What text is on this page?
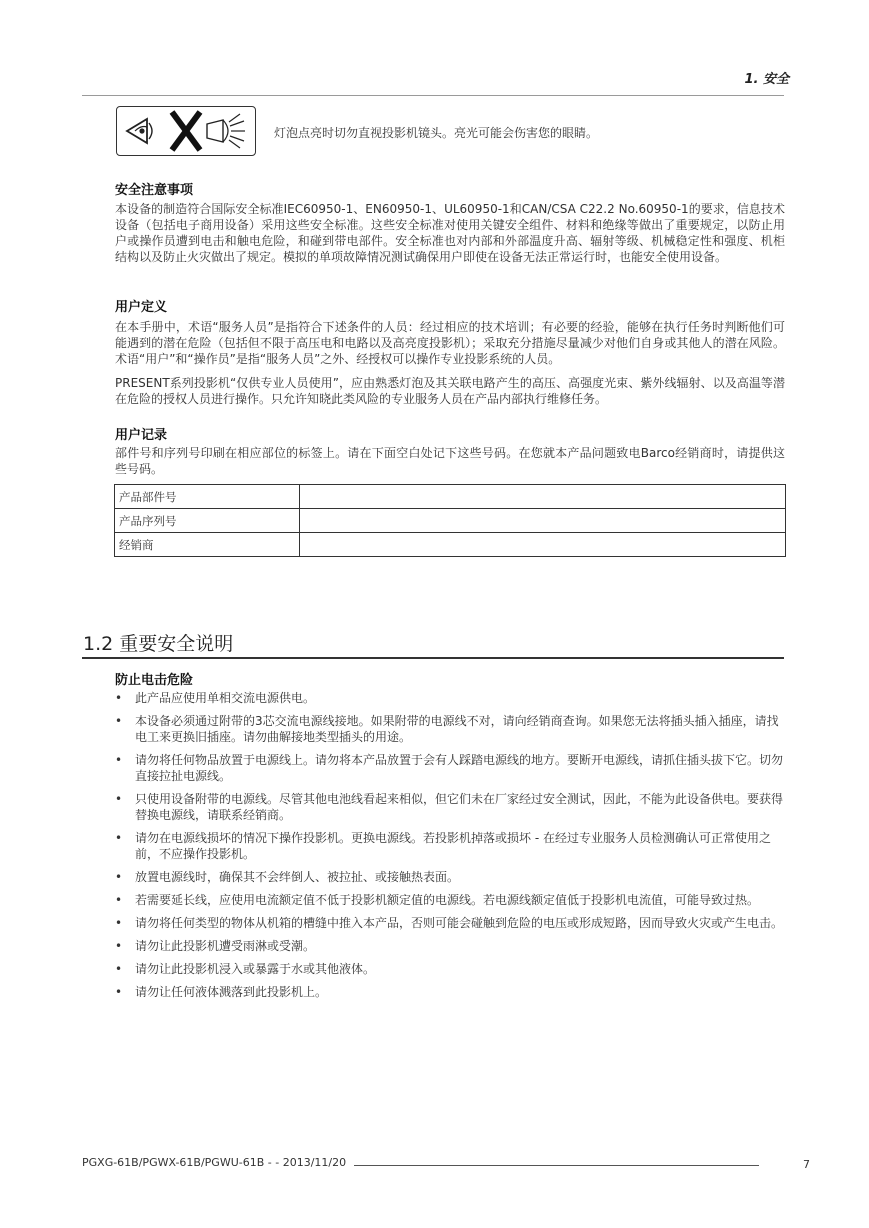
1. 安全
灯泡点亮时切勿直视投影机镜头。亮光可能会伤害您的眼睛。
安全注意事项
本设备的制造符合国际安全标准IEC60950-1、EN60950-1、UL60950-1和CAN/CSA C22.2 No.60950-1的要求，信息技术设备（包括电子商用设备）采用这些安全标准。这些安全标准对使用关键安全组件、材料和绝缘等做出了重要规定，以防止用户或操作员遭到电击和触电危险，和碰到带电部件。安全标准也对内部和外部温度升高、辐射等级、机械稳定性和强度、机柜结构以及防止火灾做出了规定。模拟的单项故障情况测试确保用户即使在设备无法正常运行时，也能安全使用设备。
用户定义
在本手册中，术语“服务人员”是指符合下述条件的人员：经过相应的技术培训；有必要的经验，能够在执行任务时判断他们可能遇到的潜在危险（包括但不限于高压电和电路以及高亮度投影机）；采取充分措施尽量减少对他们自身或其他人的潜在风险。术语“用户”和“操作员”是指“服务人员”之外、经授权可以操作专业投影系统的人员。
PRESENT系列投影机“仅供专业人员使用”，应由熟悉灯泡及其关联电路产生的高压、高强度光束、紫外线辐射、以及高温等潜在危险的授权人员进行操作。只允许知晓此类风险的专业服务人员在产品内部执行维修任务。
用户记录
部件号和序列号印刷在相应部位的标签上。请在下面空白处记下这些号码。在您就本产品问题致电Barco经销商时，请提供这些号码。
产品部件号	
产品序列号	
经销商	
1.2 重要安全说明
防止电击危险
• 此产品应使用单相交流电源供电。
• 本设备必须通过附带的3芯交流电源线接地。如果附带的电源线不对，请向经销商查询。如果您无法将插头插入插座，请找电工来更换旧插座。请勿曲解接地类型插头的用途。
• 请勿将任何物品放置于电源线上。请勿将本产品放置于会有人踩踏电源线的地方。要断开电源线，请抓住插头拔下它。切勿直接拉扯电源线。
• 只使用设备附带的电源线。尽管其他电池线看起来相似，但它们未在厂家经过安全测试，因此，不能为此设备供电。要获得替换电源线，请联系经销商。
• 请勿在电源线损坏的情况下操作投影机。更换电源线。若投影机掉落或损坏 - 在经过专业服务人员检测确认可正常使用之前，不应操作投影机。
• 放置电源线时，确保其不会绊倒人、被拉扯、或接触热表面。
• 若需要延长线，应使用电流额定值不低于投影机额定值的电源线。若电源线额定值低于投影机电流值，可能导致过热。
• 请勿将任何类型的物体从机箱的槽缝中推入本产品，否则可能会碰触到危险的电压或形成短路，因而导致火灾或产生电击。
• 请勿让此投影机遭受雨淋或受潮。
• 请勿让此投影机浸入或暴露于水或其他液体。
• 请勿让任何液体溅落到此投影机上。
PGXG-61B/PGWX-61B/PGWU-61B - - 2013/11/20	7
